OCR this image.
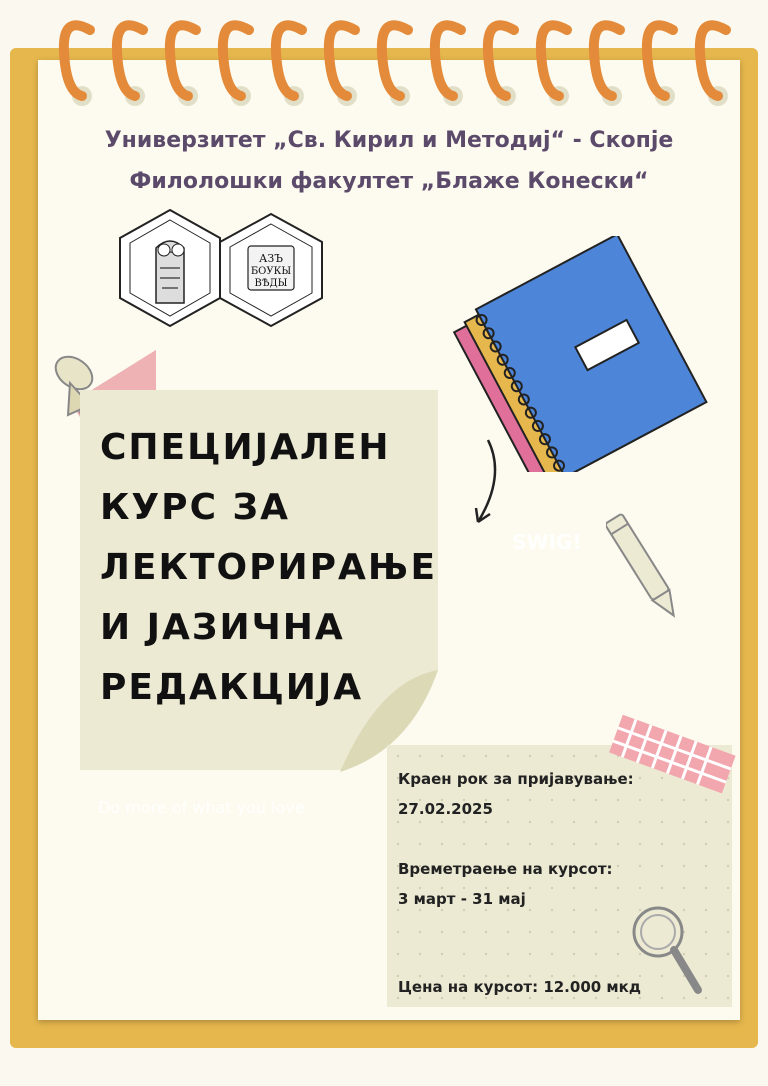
Универзитет „Св. Кирил и Методиј“ - Скопје
Филолошки факултет „Блаже Конески“
АЗЪ
БОУКЫ
ВѢДЫ
СПЕЦИЈАЛЕН
КУРС ЗА
ЛЕКТОРИРАЊЕ
И ЈАЗИЧНА
РЕДАКЦИЈА
Do more of what you love
SWIG!
Краен рок за пријавување:
27.02.2025
Времетраење на курсот:
3 март - 31 мај
Цена на курсот: 12.000 мкд
